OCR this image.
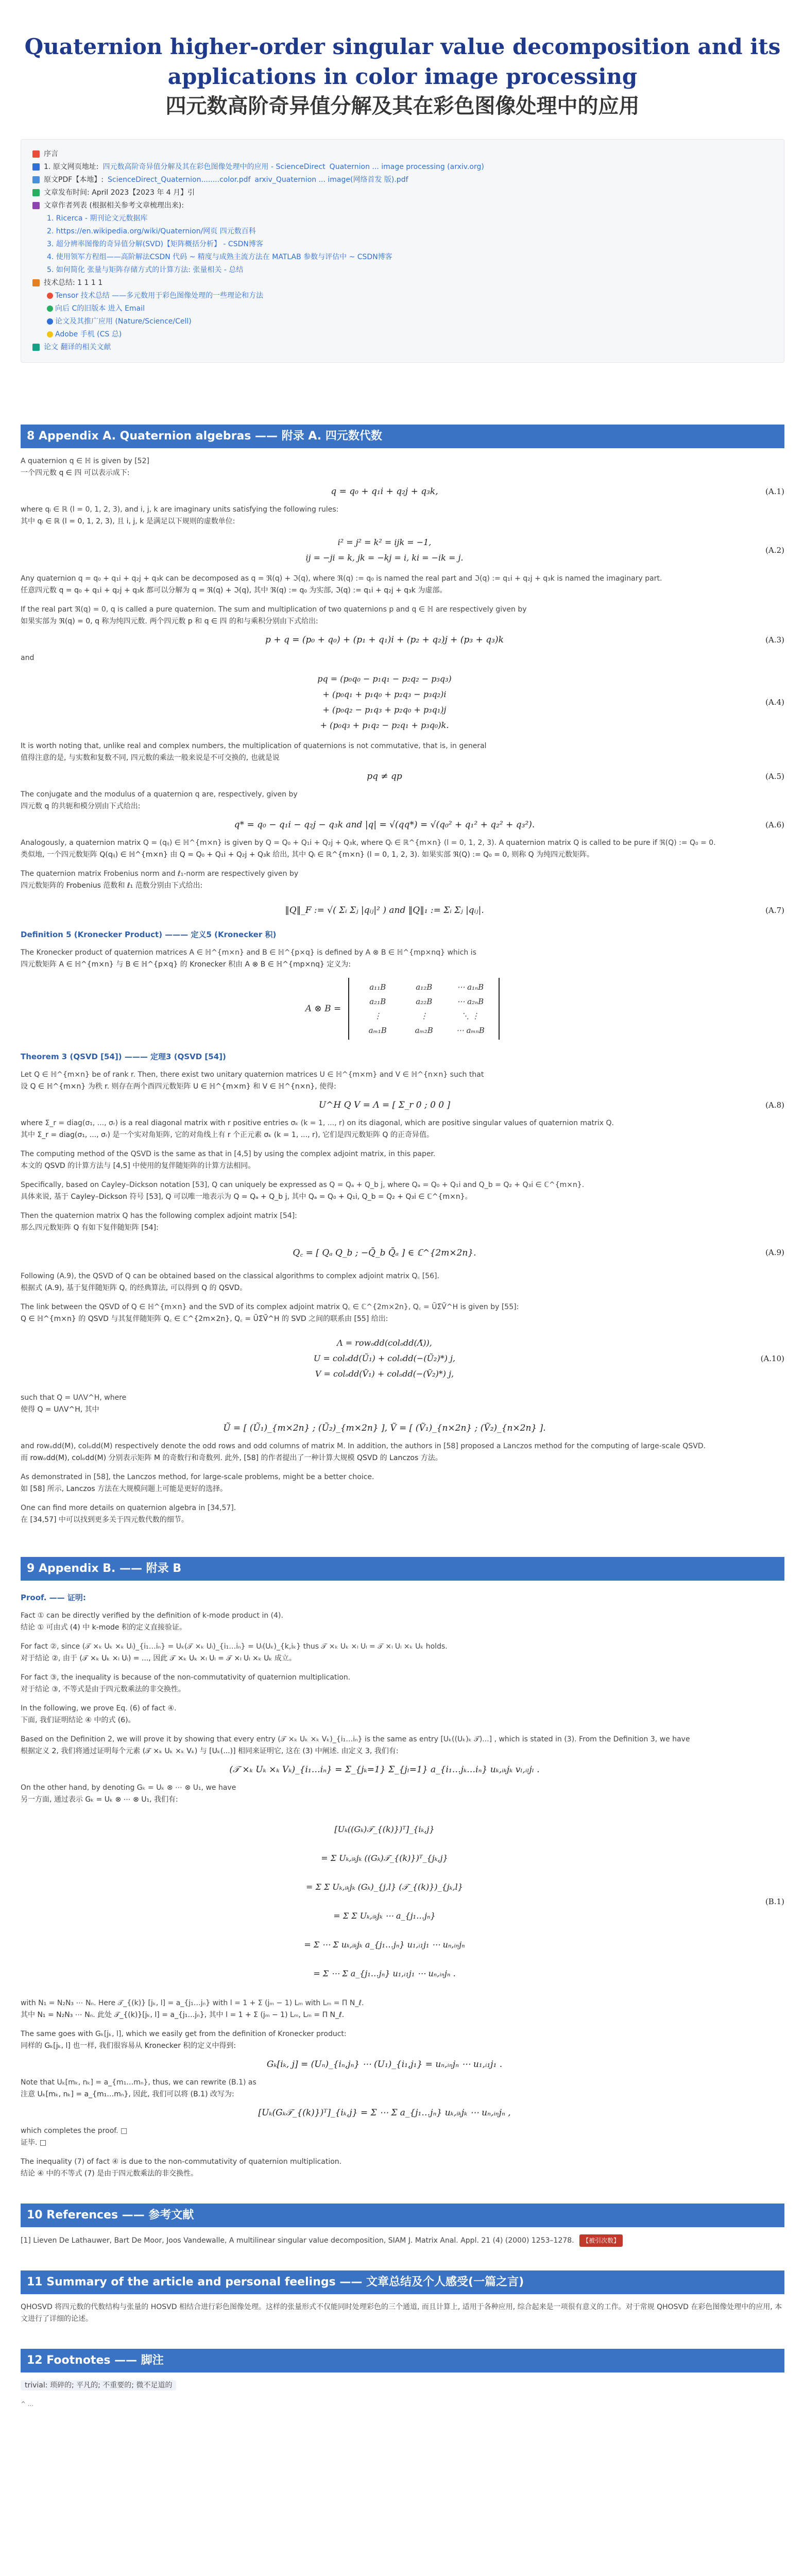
Quaternion higher-order singular value decomposition and its applications in color image processing
四元数高阶奇异值分解及其在彩色图像处理中的应用
序言
1. 原文网页地址: 四元数高阶奇异值分解及其在彩色图像处理中的应用 - ScienceDirect Quaternion ... image processing (arxiv.org)
原文PDF【本地】: ScienceDirect_Quaternion........color.pdf arxiv_Quaternion ... image(网络首发 版).pdf
文章发布时间: April 2023【2023 年 4 月】引
文章作者列表 (根据相关参考文章梳理出来):
1. Ricerca - 期刊论文元数据库
2. https://en.wikipedia.org/wiki/Quaternion/网页 四元数百科
3. 超分辨率图像的奇异值分解(SVD)【矩阵概括分析】 - CSDN博客
4. 使用领军方程组——高阶解法CSDN 代码 ~ 精度与成熟主流方法在 MATLAB 参数与评估中 ~ CSDN博客
5. 如何简化 张量与矩阵存储方式的计算方法: 张量相关 - 总结
技术总结: 1 1 1 1
Tensor 技术总结 ——多元数用于彩色图像处理的一些理论和方法
向后 C的旧版本 进入 Email
论文及其推广应用 (Nature/Science/Cell)
Adobe 手机 (CS 总)
论文 翻译的相关文献
8 Appendix A. Quaternion algebras —— 附录 A. 四元数代数
A quaternion q ∈ ℍ is given by [52]
一个四元数 q ∈ 四 可以表示成下:
q = q₀ + q₁i + q₂j + q₃k,	(A.1)
where qᵢ ∈ ℝ (l = 0, 1, 2, 3), and i, j, k are imaginary units satisfying the following rules:
其中 qᵢ ∈ ℝ (l = 0, 1, 2, 3), 且 i, j, k 是满足以下规则的虚数单位:
i² = j² = k² = ijk = −1,
ij = −ji = k, jk = −kj = i, ki = −ik = j.
(A.2)
Any quaternion q = q₀ + q₁i + q₂j + q₃k can be decomposed as q = ℜ(q) + ℑ(q), where ℜ(q) := q₀ is named the real part and ℑ(q) := q₁i + q₂j + q₃k is named the imaginary part.
任意四元数 q = q₀ + q₁i + q₂j + q₃k 都可以分解为 q = ℜ(q) + ℑ(q), 其中 ℜ(q) := q₀ 为实部, ℑ(q) := q₁i + q₂j + q₃k 为虚部。
If the real part ℜ(q) = 0, q is called a pure quaternion. The sum and multiplication of two quaternions p and q ∈ ℍ are respectively given by
如果实部为 ℜ(q) = 0, q 称为纯四元数. 两个四元数 p 和 q ∈ 四 的和与乘积分别由下式给出:
p + q = (p₀ + q₀) + (p₁ + q₁)i + (p₂ + q₂)j + (p₃ + q₃)k	(A.3)
and
pq = (p₀q₀ − p₁q₁ − p₂q₂ − p₃q₃)
+ (p₀q₁ + p₁q₀ + p₂q₃ − p₃q₂)i
+ (p₀q₂ − p₁q₃ + p₂q₀ + p₃q₁)j
+ (p₀q₃ + p₁q₂ − p₂q₁ + p₃q₀)k.
(A.4)
It is worth noting that, unlike real and complex numbers, the multiplication of quaternions is not commutative, that is, in general
值得注意的是, 与实数和复数不同, 四元数的乘法一般来说是不可交换的, 也就是说
pq ≠ qp	(A.5)
The conjugate and the modulus of a quaternion q are, respectively, given by
四元数 q 的共轭和模分别由下式给出:
q* = q₀ − q₁i − q₂j − q₃k and |q| = √(qq*) = √(q₀² + q₁² + q₂² + q₃²).	(A.6)
Analogously, a quaternion matrix Q = (qᵢⱼ) ∈ ℍ^{m×n} is given by Q = Q₀ + Q₁i + Q₂j + Q₃k, where Qₗ ∈ ℝ^{m×n} (l = 0, 1, 2, 3). A quaternion matrix Q is called to be pure if ℜ(Q) := Q₀ = 0.
类似地, 一个四元数矩阵 Q(qᵢⱼ) ∈ ℍ^{m×n} 由 Q = Q₀ + Q₁i + Q₂j + Q₃k 给出, 其中 Qₗ ∈ ℝ^{m×n} (l = 0, 1, 2, 3). 如果实部 ℜ(Q) := Q₀ = 0, 则称 Q 为纯四元数矩阵。
The quaternion matrix Frobenius norm and ℓ₁-norm are respectively given by
四元数矩阵的 Frobenius 范数和 ℓ₁ 范数分别由下式给出:
‖Q‖_F := √( Σᵢ Σⱼ |qᵢⱼ|² ) and ‖Q‖₁ := Σᵢ Σⱼ |qᵢⱼ|.	(A.7)
Definition 5 (Kronecker Product) ——— 定义5 (Kronecker 积)
The Kronecker product of quaternion matrices A ∈ ℍ^{m×n} and B ∈ ℍ^{p×q} is defined by A ⊗ B ∈ ℍ^{mp×nq} which is
四元数矩阵 A ∈ ℍ^{m×n} 与 B ∈ ℍ^{p×q} 的 Kronecker 积由 A ⊗ B ∈ ℍ^{mp×nq} 定义为:
A ⊗ B =
a₁₁B	a₁₂B	⋯ a₁ₙB
a₂₁B	a₂₂B	⋯ a₂ₙB
⋮	⋮	⋱ ⋮
aₘ₁B	aₘ₂B	⋯ aₘₙB
Theorem 3 (QSVD [54]) ——— 定理3 (QSVD [54])
Let Q ∈ ℍ^{m×n} be of rank r. Then, there exist two unitary quaternion matrices U ∈ ℍ^{m×m} and V ∈ ℍ^{n×n} such that
设 Q ∈ ℍ^{m×n} 为秩 r. 则存在两个酉四元数矩阵 U ∈ ℍ^{m×m} 和 V ∈ ℍ^{n×n}, 使得:
U^H Q V = Λ = [ Σ_r 0 ; 0 0 ]	(A.8)
where Σ_r = diag(σ₁, ..., σᵣ) is a real diagonal matrix with r positive entries σₖ (k = 1, ..., r) on its diagonal, which are positive singular values of quaternion matrix Q.
其中 Σ_r = diag(σ₁, ..., σᵣ) 是一个实对角矩阵, 它的对角线上有 r 个正元素 σₖ (k = 1, ..., r), 它们是四元数矩阵 Q 的正奇异值。
The computing method of the QSVD is the same as that in [4,5] by using the complex adjoint matrix, in this paper.
本文的 QSVD 的计算方法与 [4,5] 中使用的复伴随矩阵的计算方法相同。
Specifically, based on Cayley–Dickson notation [53], Q can uniquely be expressed as Q = Qₐ + Q_b j, where Qₐ = Q₀ + Q₁i and Q_b = Q₂ + Q₃i ∈ ℂ^{m×n}.
具体来说, 基于 Cayley–Dickson 符号 [53], Q 可以唯一地表示为 Q = Qₐ + Q_b j, 其中 Qₐ = Q₀ + Q₁i, Q_b = Q₂ + Q₃i ∈ ℂ^{m×n}。
Then the quaternion matrix Q has the following complex adjoint matrix [54]:
那么四元数矩阵 Q 有如下复伴随矩阵 [54]:
Q꜀ = [ Qₐ Q_b ; −Q̄_b Q̄ₐ ] ∈ ℂ^{2m×2n}.	(A.9)
Following (A.9), the QSVD of Q can be obtained based on the classical algorithms to complex adjoint matrix Q꜀ [56].
根据式 (A.9), 基于复伴随矩阵 Q꜀ 的经典算法, 可以得到 Q 的 QSVD。
The link between the QSVD of Q ∈ ℍ^{m×n} and the SVD of its complex adjoint matrix Q꜀ ∈ ℂ^{2m×2n}, Q꜀ = ŨΣ̃Ṽ^H is given by [55]:
Q ∈ ℍ^{m×n} 的 QSVD 与其复伴随矩阵 Q꜀ ∈ ℂ^{2m×2n}, Q꜀ = ŨΣ̃Ṽ^H 的 SVD 之间的联系由 [55] 给出:
Λ = rowₒdd(colₒdd(Λ̃)),
U = colₒdd(Ũ₁) + colₒdd(−(Ũ₂)*) j,
V = colₒdd(Ṽ₁) + colₒdd(−(Ṽ₂)*) j,
(A.10)
such that Q = UΛV^H, where
使得 Q = UΛV^H, 其中
Ũ = [ (Ũ₁)_{m×2n} ; (Ũ₂)_{m×2n} ], Ṽ = [ (Ṽ₁)_{n×2n} ; (Ṽ₂)_{n×2n} ].
and rowₒdd(M), colₒdd(M) respectively denote the odd rows and odd columns of matrix M. In addition, the authors in [58] proposed a Lanczos method for the computing of large-scale QSVD.
而 rowₒdd(M), colₒdd(M) 分别表示矩阵 M 的奇数行和奇数列. 此外, [58] 的作者提出了一种计算大规模 QSVD 的 Lanczos 方法。
As demonstrated in [58], the Lanczos method, for large-scale problems, might be a better choice.
如 [58] 所示, Lanczos 方法在大规模问题上可能是更好的选择。
One can find more details on quaternion algebra in [34,57].
在 [34,57] 中可以找到更多关于四元数代数的细节。
9 Appendix B. —— 附录 B
Proof. —— 证明:
Fact ① can be directly verified by the definition of k-mode product in (4).
结论 ① 可由式 (4) 中 k-mode 积的定义直接验证。
For fact ②, since (𝒯 ×ₖ Uₖ ×ₖ Uₗ)_{i₁…iₙ} = Uₖ(𝒯 ×ₖ Uₗ)_{i₁…iₙ} = Uₗ(Uₖ)_{k,iₖ} thus 𝒯 ×ₖ Uₖ ×ₗ Uₗ = 𝒯 ×ₗ Uₗ ×ₖ Uₖ holds.
对于结论 ②, 由于 (𝒯 ×ₖ Uₖ ×ₗ Uₗ) = ..., 因此 𝒯 ×ₖ Uₖ ×ₗ Uₗ = 𝒯 ×ₗ Uₗ ×ₖ Uₖ 成立。
For fact ③, the inequality is because of the non-commutativity of quaternion multiplication.
对于结论 ③, 不等式是由于四元数乘法的非交换性。
In the following, we prove Eq. (6) of fact ④.
下面, 我们证明结论 ④ 中的式 (6)。
Based on the Definition 2, we will prove it by showing that every entry (𝒯 ×ₖ Uₖ ×ₖ Vₖ)_{i₁…iₙ} is the same as entry [Uₖ((Uₖ)ₖ 𝒯)...] , which is stated in (3). From the Definition 3, we have
根据定义 2, 我们将通过证明每个元素 (𝒯 ×ₖ Uₖ ×ₖ Vₖ) 与 [Uₖ(...)] 相同来证明它, 这在 (3) 中阐述. 由定义 3, 我们有:
(𝒯 ×ₖ Uₖ ×ₖ Vₖ)_{i₁…iₙ} = Σ_{jₖ=1} Σ_{jₗ=1} a_{i₁…jₖ…iₙ} uₖ,ᵢₖjₖ vₗ,ᵢₗjₗ .
On the other hand, by denoting Gₖ = Uₖ ⊗ ⋯ ⊗ U₁, we have
另一方面, 通过表示 Gₖ = Uₖ ⊗ ⋯ ⊗ U₁, 我们有:
[Uₖ((Gₖ)𝒯_{(k)})ᵀ]_{iₖ,j}
= Σ Uₖ,ᵢₖjₖ ((Gₖ)𝒯_{(k)})ᵀ_{jₖ,j}
= Σ Σ Uₖ,ᵢₖjₖ (Gₖ)_{j,l} (𝒯_{(k)})_{jₖ,l}
= Σ Σ Uₖ,ᵢₖjₖ ⋯ a_{j₁…jₙ}
= Σ ⋯ Σ uₖ,ᵢₖjₖ a_{j₁…jₙ} u₁,ᵢ₁j₁ ⋯ uₙ,ᵢₙjₙ
= Σ ⋯ Σ a_{j₁…jₙ} u₁,ᵢ₁j₁ ⋯ uₙ,ᵢₙjₙ .
(B.1)
with N₁ = N₂N₃ ⋯ Nₙ. Here 𝒯_{(k)} [jₖ, l] = a_{j₁…jₙ} with l = 1 + Σ (jₘ − 1) Lₘ with Lₘ = Π N_ℓ.
其中 N₁ = N₂N₃ ⋯ Nₙ. 此处 𝒯_{(k)}[jₖ, l] = a_{j₁…jₙ}, 其中 l = 1 + Σ (jₘ − 1) Lₘ, Lₘ = Π N_ℓ.
The same goes with Gₖ[jₖ, l], which we easily get from the definition of Kronecker product:
同样的 Gₖ[jₖ, l] 也一样, 我们很容易从 Kronecker 积的定义中得到:
Gₖ[iₖ, j] = (Uₙ)_{iₙ,jₙ} ⋯ (U₁)_{i₁,j₁} = uₙ,ᵢₙjₙ ⋯ u₁,ᵢ₁j₁ .
Note that Uₖ[mₖ, nₖ] = a_{m₁…mₙ}, thus, we can rewrite (B.1) as
注意 Uₖ[mₖ, nₖ] = a_{m₁…mₙ}, 因此, 我们可以将 (B.1) 改写为:
[Uₖ(Gₖ𝒯_{(k)})ᵀ]_{iₖ,j} = Σ ⋯ Σ a_{j₁…jₙ} uₖ,ᵢₖjₖ ⋯ uₙ,ᵢₙjₙ ,
which completes the proof. □
证毕. □
The inequality (7) of fact ④ is due to the non-commutativity of quaternion multiplication.
结论 ④ 中的不等式 (7) 是由于四元数乘法的非交换性。
10 References —— 参考文献
[1] Lieven De Lathauwer, Bart De Moor, Joos Vandewalle, A multilinear singular value decomposition, SIAM J. Matrix Anal. Appl. 21 (4) (2000) 1253–1278. 【被引次数】
11 Summary of the article and personal feelings —— 文章总结及个人感受(一篇之言)
QHOSVD 将四元数的代数结构与张量的 HOSVD 相结合进行彩色图像处理。这样的张量形式不仅能同时处理彩色的三个通道, 而且计算上, 适用于各种应用, 综合起来是一项很有意义的工作。对于常规 QHOSVD 在彩色图像处理中的应用, 本文进行了详细的论述。
12 Footnotes —— 脚注
trivial: 琐碎的; 平凡的; 不重要的; 微不足道的
^ ...
